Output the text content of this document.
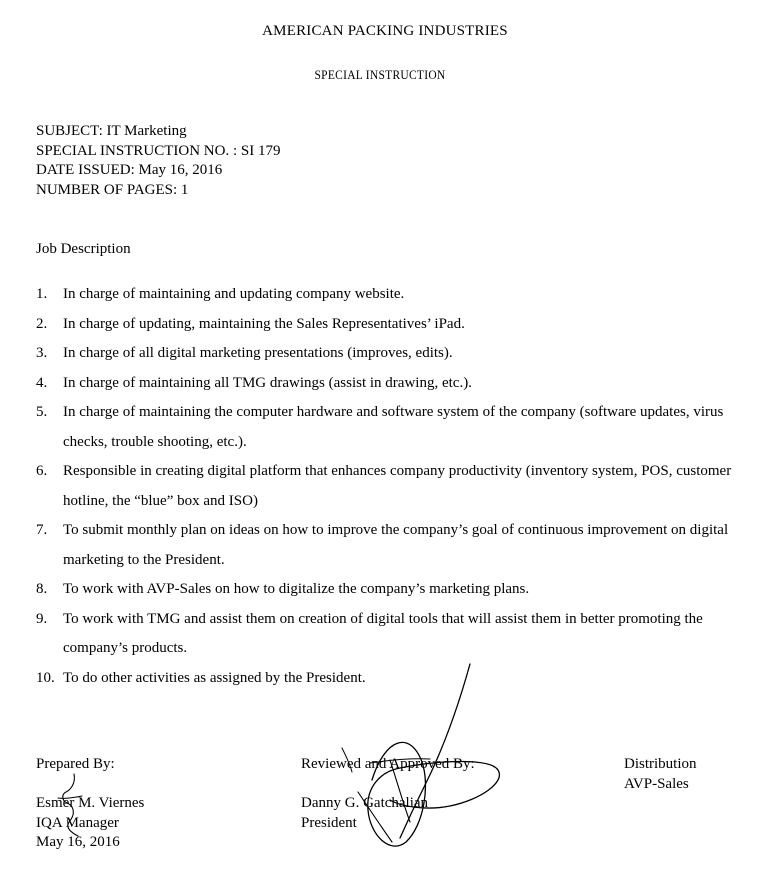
AMERICAN PACKING INDUSTRIES
SPECIAL INSTRUCTION
SUBJECT: IT Marketing
SPECIAL INSTRUCTION NO. : SI 179
DATE ISSUED: May 16, 2016
NUMBER OF PAGES: 1
Job Description
1. In charge of maintaining and updating company website.
2. In charge of updating, maintaining the Sales Representatives’ iPad.
3. In charge of all digital marketing presentations (improves, edits).
4. In charge of maintaining all TMG drawings (assist in drawing, etc.).
5. In charge of maintaining the computer hardware and software system of the company (software updates, virus checks, trouble shooting, etc.).
6. Responsible in creating digital platform that enhances company productivity (inventory system, POS, customer hotline, the “blue” box and ISO)
7. To submit monthly plan on ideas on how to improve the company’s goal of continuous improvement on digital marketing to the President.
8. To work with AVP-Sales on how to digitalize the company’s marketing plans.
9. To work with TMG and assist them on creation of digital tools that will assist them in better promoting the company’s products.
10. To do other activities as assigned by the President.
Prepared By:
Esmer M. Viernes
IQA Manager
May 16, 2016
Reviewed and Approved By:
Danny G. Gatchalian
President
Distribution
AVP-Sales
